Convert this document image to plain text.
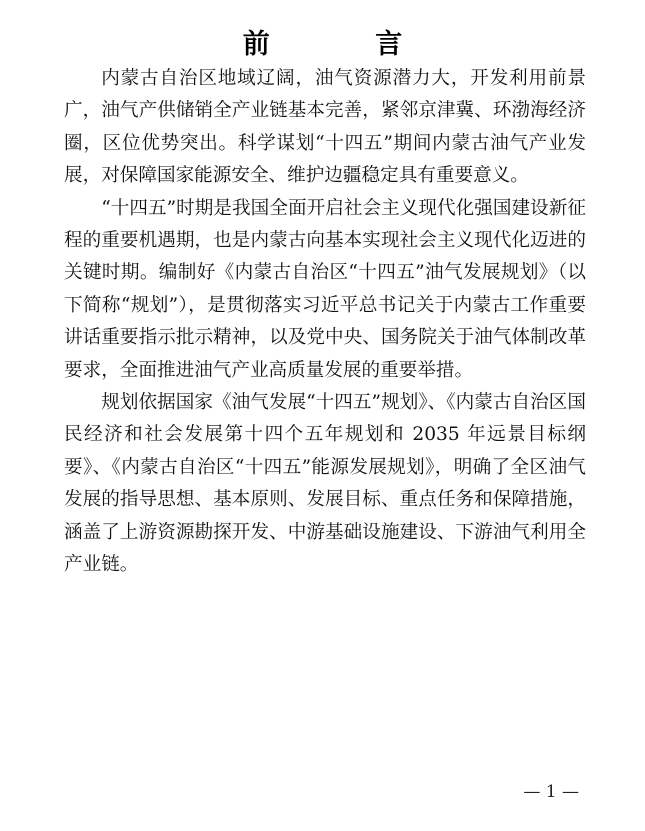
前 言

内蒙古自治区地域辽阔，油气资源潜力大，开发利用前景广，油气产供储销全产业链基本完善，紧邻京津冀、环渤海经济圈，区位优势突出。科学谋划“十四五”期间内蒙古油气产业发展，对保障国家能源安全、维护边疆稳定具有重要意义。

“十四五”时期是我国全面开启社会主义现代化强国建设新征程的重要机遇期，也是内蒙古向基本实现社会主义现代化迈进的关键时期。编制好《内蒙古自治区“十四五”油气发展规划》（以下简称“规划”），是贯彻落实习近平总书记关于内蒙古工作重要讲话重要指示批示精神，以及党中央、国务院关于油气体制改革要求，全面推进油气产业高质量发展的重要举措。

规划依据国家《油气发展“十四五”规划》、《内蒙古自治区国民经济和社会发展第十四个五年规划和 2035 年远景目标纲要》、《内蒙古自治区“十四五”能源发展规划》，明确了全区油气发展的指导思想、基本原则、发展目标、重点任务和保障措施，涵盖了上游资源勘探开发、中游基础设施建设、下游油气利用全产业链。

— 1 —
